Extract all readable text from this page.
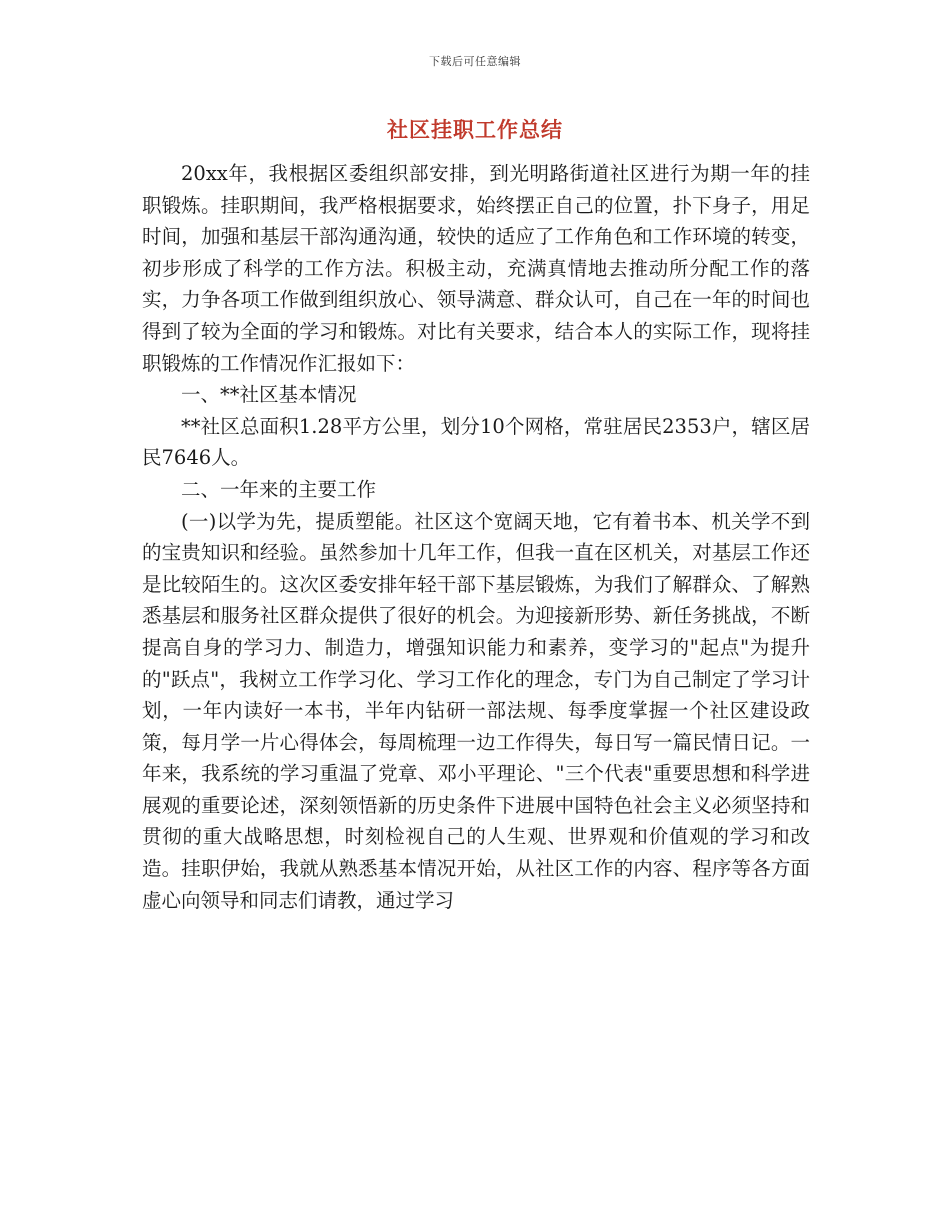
下载后可任意编辑
社区挂职工作总结

20xx年，我根据区委组织部安排，到光明路街道社区进行为期一年的挂职锻炼。挂职期间，我严格根据要求，始终摆正自己的位置，扑下身子，用足时间，加强和基层干部沟通沟通，较快的适应了工作角色和工作环境的转变，初步形成了科学的工作方法。积极主动，充满真情地去推动所分配工作的落实，力争各项工作做到组织放心、领导满意、群众认可，自己在一年的时间也得到了较为全面的学习和锻炼。对比有关要求，结合本人的实际工作，现将挂职锻炼的工作情况作汇报如下：

一、**社区基本情况

**社区总面积1.28平方公里，划分10个网格，常驻居民2353户，辖区居民7646人。

二、一年来的主要工作

(一)以学为先，提质塑能。社区这个宽阔天地，它有着书本、机关学不到的宝贵知识和经验。虽然参加十几年工作，但我一直在区机关，对基层工作还是比较陌生的。这次区委安排年轻干部下基层锻炼，为我们了解群众、了解熟悉基层和服务社区群众提供了很好的机会。为迎接新形势、新任务挑战，不断提高自身的学习力、制造力，增强知识能力和素养，变学习的"起点"为提升的"跃点"，我树立工作学习化、学习工作化的理念，专门为自己制定了学习计划，一年内读好一本书，半年内钻研一部法规、每季度掌握一个社区建设政策，每月学一片心得体会，每周梳理一边工作得失，每日写一篇民情日记。一年来，我系统的学习重温了党章、邓小平理论、"三个代表"重要思想和科学进展观的重要论述，深刻领悟新的历史条件下进展中国特色社会主义必须坚持和贯彻的重大战略思想，时刻检视自己的人生观、世界观和价值观的学习和改造。挂职伊始，我就从熟悉基本情况开始，从社区工作的内容、程序等各方面虚心向领导和同志们请教，通过学习
